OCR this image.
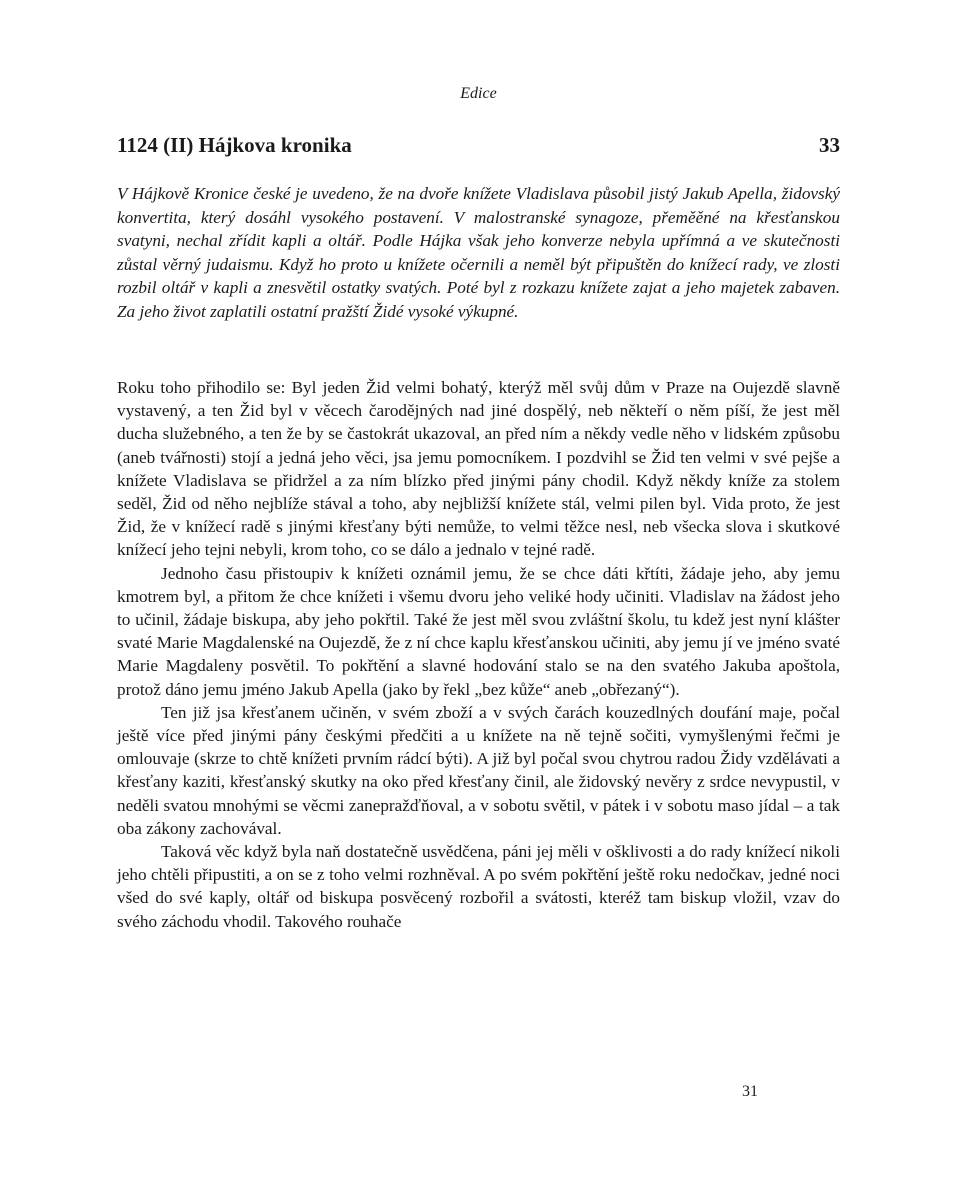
Edice
1124 (II) Hájkova kronika	33

V Hájkově Kronice české je uvedeno, že na dvoře knížete Vladislava působil jistý Jakub Apella, židovský konvertita, který dosáhl vysokého postavení. V malostranské synagoze, přeměěné na křesťanskou svatyni, nechal zřídit kapli a oltář. Podle Hájka však jeho konverze nebyla upřímná a ve skutečnosti zůstal věrný judaismu. Když ho proto u knížete očernili a neměl být připuštěn do knížecí rady, ve zlosti rozbil oltář v kapli a znesvětil ostatky svatých. Poté byl z rozkazu knížete zajat a jeho majetek zabaven. Za jeho život zaplatili ostatní pražští Židé vysoké výkupné.

Roku toho přihodilo se: Byl jeden Žid velmi bohatý, kterýž měl svůj dům v Praze na Oujezdě slavně vystavený, a ten Žid byl v věcech čarodějných nad jiné dospělý, neb někteří o něm píší, že jest měl ducha služebného, a ten že by se častokrát ukazoval, an před ním a někdy vedle něho v lidském způsobu (aneb tvářnosti) stojí a jedná jeho věci, jsa jemu pomocníkem. I pozdvihl se Žid ten velmi v své pejše a knížete Vladislava se přidržel a za ním blízko před jinými pány chodil. Když někdy kníže za stolem seděl, Žid od něho nejblíže stával a toho, aby nejbližší knížete stál, velmi pilen byl. Vida proto, že jest Žid, že v knížecí radě s jinými křesťany býti nemůže, to velmi těžce nesl, neb všecka slova i skutkové knížecí jeho tejni nebyli, krom toho, co se dálo a jednalo v tejné radě.

Jednoho času přistoupiv k knížeti oznámil jemu, že se chce dáti křtíti, žádaje jeho, aby jemu kmotrem byl, a přitom že chce knížeti i všemu dvoru jeho veliké hody učiniti. Vladislav na žádost jeho to učinil, žádaje biskupa, aby jeho pokřtil. Také že jest měl svou zvláštní školu, tu kdež jest nyní klášter svaté Marie Magdalenské na Oujezdě, že z ní chce kaplu křesťanskou učiniti, aby jemu jí ve jméno svaté Marie Magdaleny posvětil. To pokřtění a slavné hodování stalo se na den svatého Jakuba apoštola, protož dáno jemu jméno Jakub Apella (jako by řekl „bez kůže“ aneb „obřezaný“).

Ten již jsa křesťanem učiněn, v svém zboží a v svých čarách kouzedlných doufání maje, počal ještě více před jinými pány českými předčiti a u knížete na ně tejně sočiti, vymyšlenými řečmi je omlouvaje (skrze to chtě knížeti prvním rádcí býti). A již byl počal svou chytrou radou Židy vzdělávati a křesťany kaziti, křesťanský skutky na oko před křesťany činil, ale židovský nevěry z srdce nevypustil, v neděli svatou mnohými se věcmi zanepražďňoval, a v sobotu světil, v pátek i v sobotu maso jídal – a tak oba zákony zachovával.

Taková věc když byla naň dostatečně usvědčena, páni jej měli v ošklivosti a do rady knížecí nikoli jeho chtěli připustiti, a on se z toho velmi rozhněval. A po svém pokřtění ještě roku nedočkav, jedné noci všed do své kaply, oltář od biskupa posvěcený rozbořil a svátosti, kteréž tam biskup vložil, vzav do svého záchodu vhodil. Takového rouhače

31
